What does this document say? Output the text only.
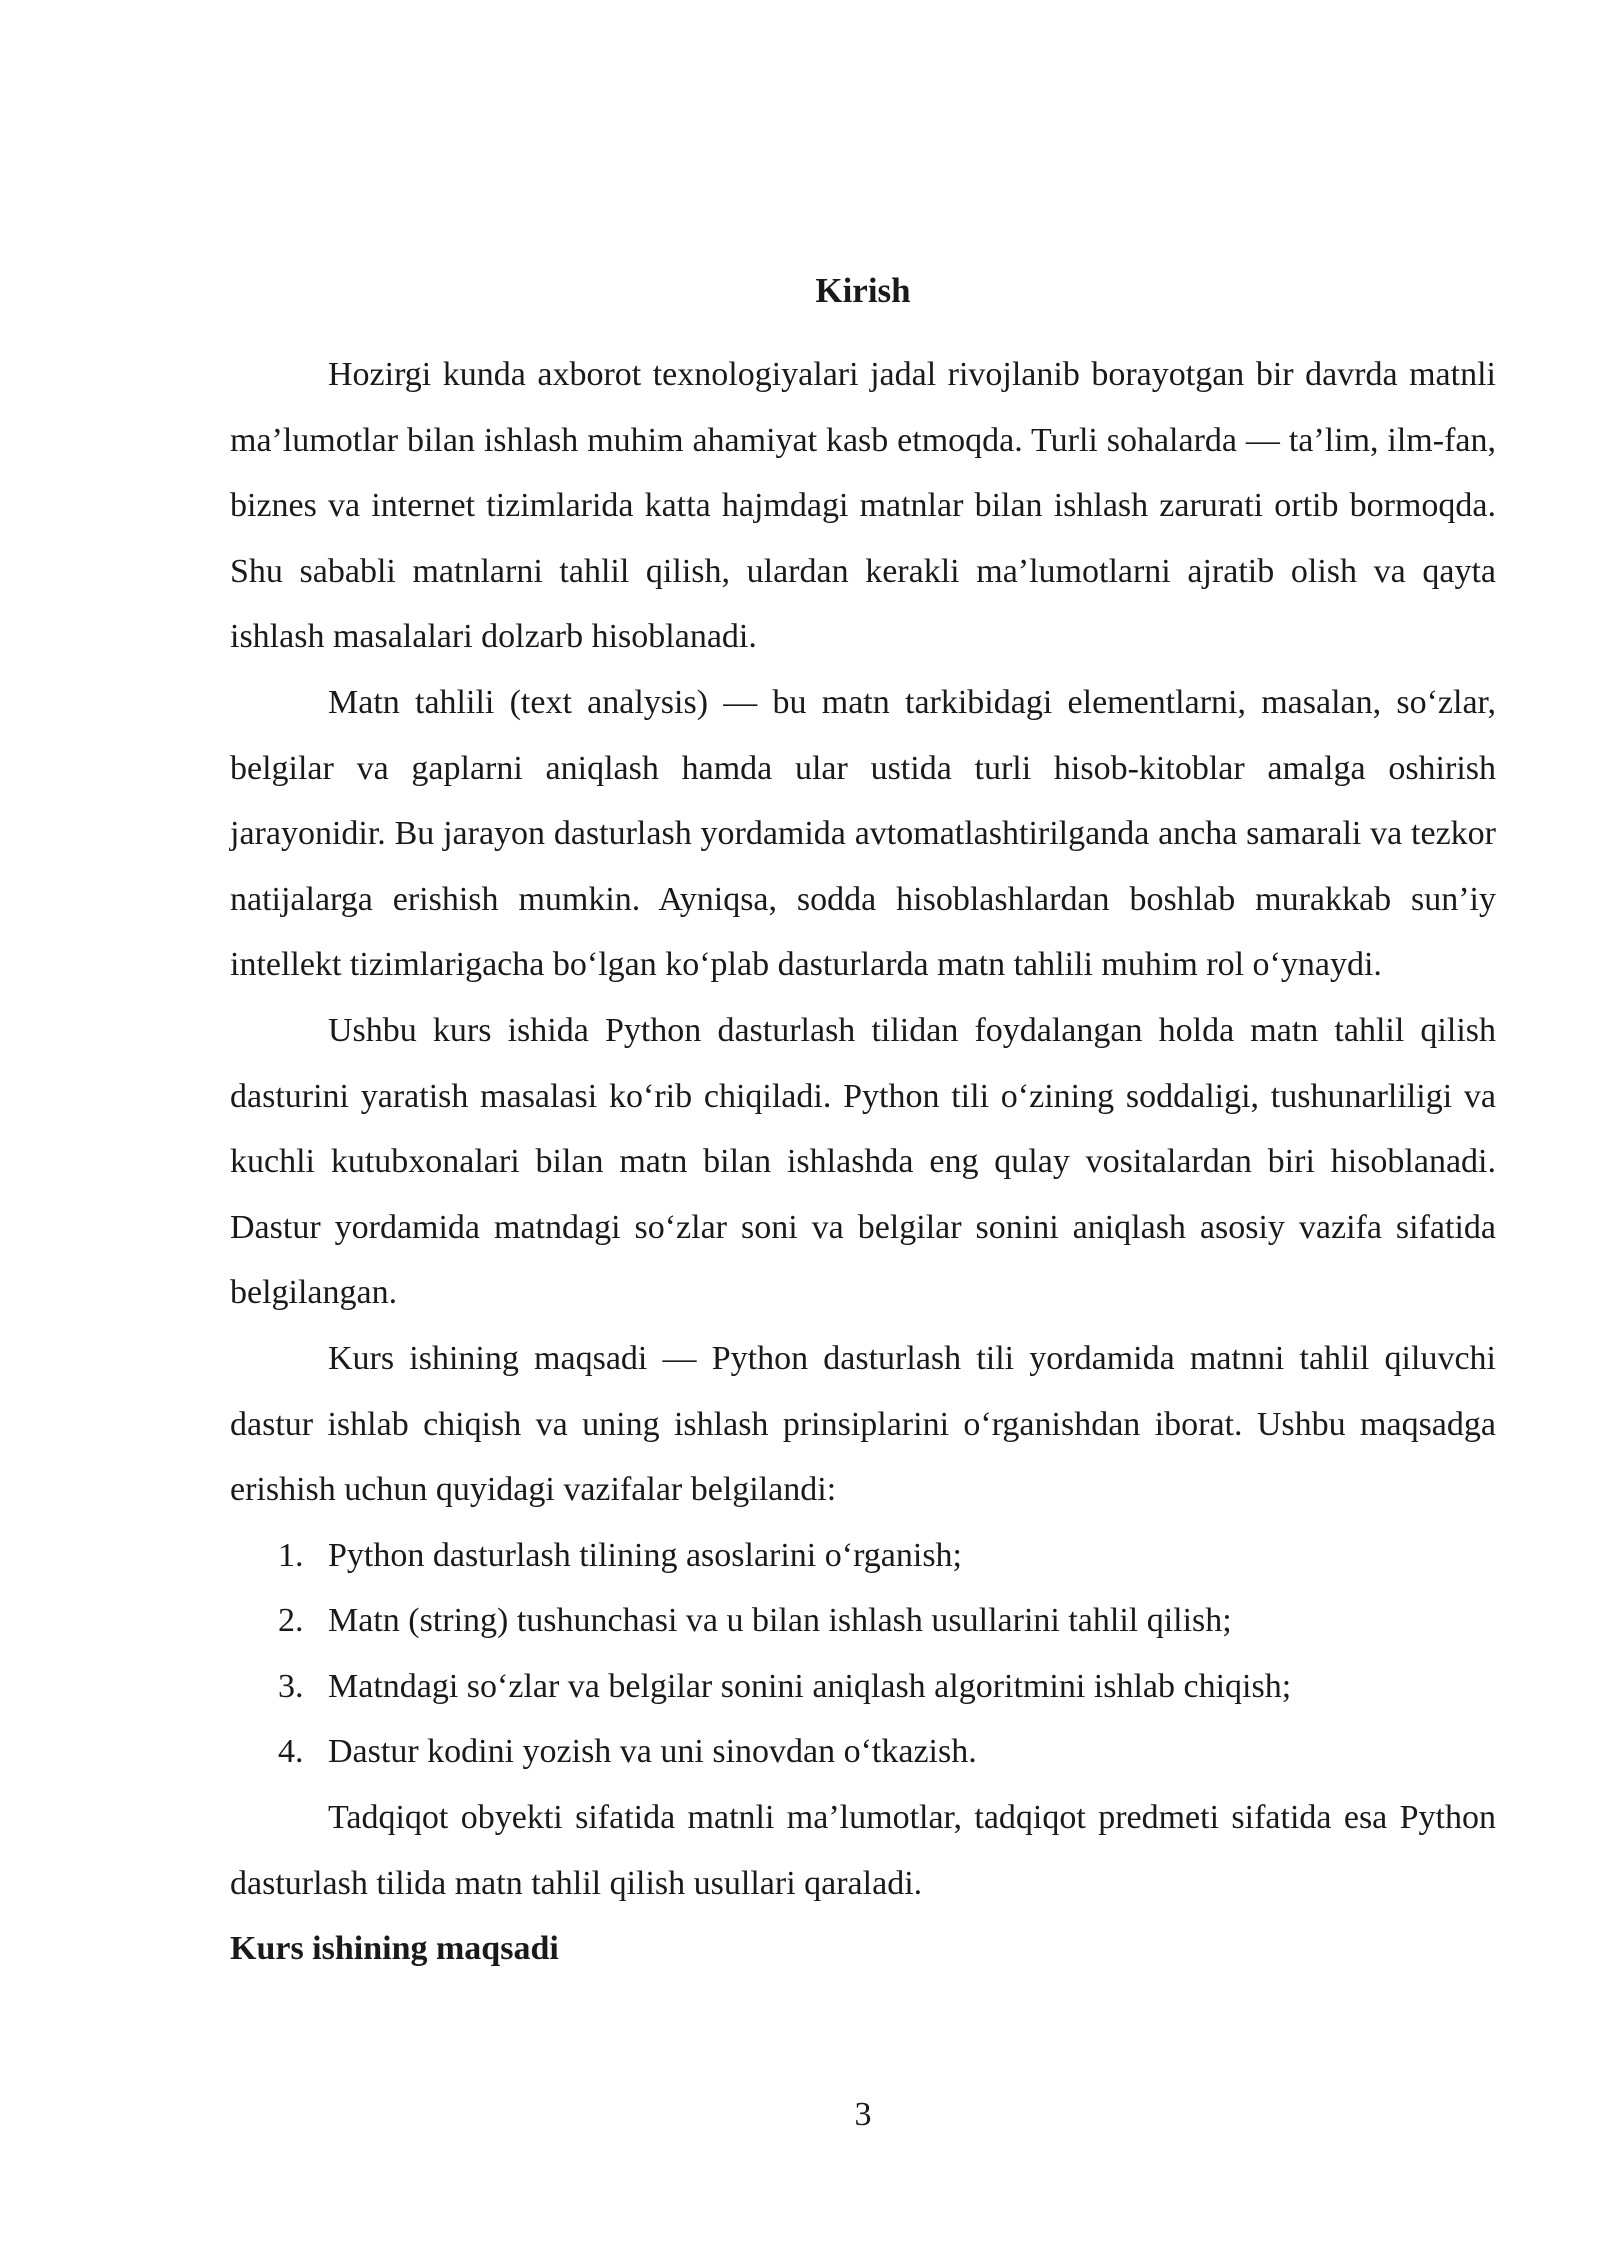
Kirish

Hozirgi kunda axborot texnologiyalari jadal rivojlanib borayotgan bir davrda matnli ma’lumotlar bilan ishlash muhim ahamiyat kasb etmoqda. Turli sohalarda — ta’lim, ilm-fan, biznes va internet tizimlarida katta hajmdagi matnlar bilan ishlash zarurati ortib bormoqda. Shu sababli matnlarni tahlil qilish, ulardan kerakli ma’lumotlarni ajratib olish va qayta ishlash masalalari dolzarb hisoblanadi.

Matn tahlili (text analysis) — bu matn tarkibidagi elementlarni, masalan, so‘zlar, belgilar va gaplarni aniqlash hamda ular ustida turli hisob-kitoblar amalga oshirish jarayonidir. Bu jarayon dasturlash yordamida avtomatlashtirilganda ancha samarali va tezkor natijalarga erishish mumkin. Ayniqsa, sodda hisoblashlardan boshlab murakkab sun’iy intellekt tizimlarigacha bo‘lgan ko‘plab dasturlarda matn tahlili muhim rol o‘ynaydi.

Ushbu kurs ishida Python dasturlash tilidan foydalangan holda matn tahlil qilish dasturini yaratish masalasi ko‘rib chiqiladi. Python tili o‘zining soddaligi, tushunarliligi va kuchli kutubxonalari bilan matn bilan ishlashda eng qulay vositalardan biri hisoblanadi. Dastur yordamida matndagi so‘zlar soni va belgilar sonini aniqlash asosiy vazifa sifatida belgilangan.

Kurs ishining maqsadi — Python dasturlash tili yordamida matnni tahlil qiluvchi dastur ishlab chiqish va uning ishlash prinsiplarini o‘rganishdan iborat. Ushbu maqsadga erishish uchun quyidagi vazifalar belgilandi:

1. Python dasturlash tilining asoslarini o‘rganish;
2. Matn (string) tushunchasi va u bilan ishlash usullarini tahlil qilish;
3. Matndagi so‘zlar va belgilar sonini aniqlash algoritmini ishlab chiqish;
4. Dastur kodini yozish va uni sinovdan o‘tkazish.

Tadqiqot obyekti sifatida matnli ma’lumotlar, tadqiqot predmeti sifatida esa Python dasturlash tilida matn tahlil qilish usullari qaraladi.

Kurs ishining maqsadi

3
